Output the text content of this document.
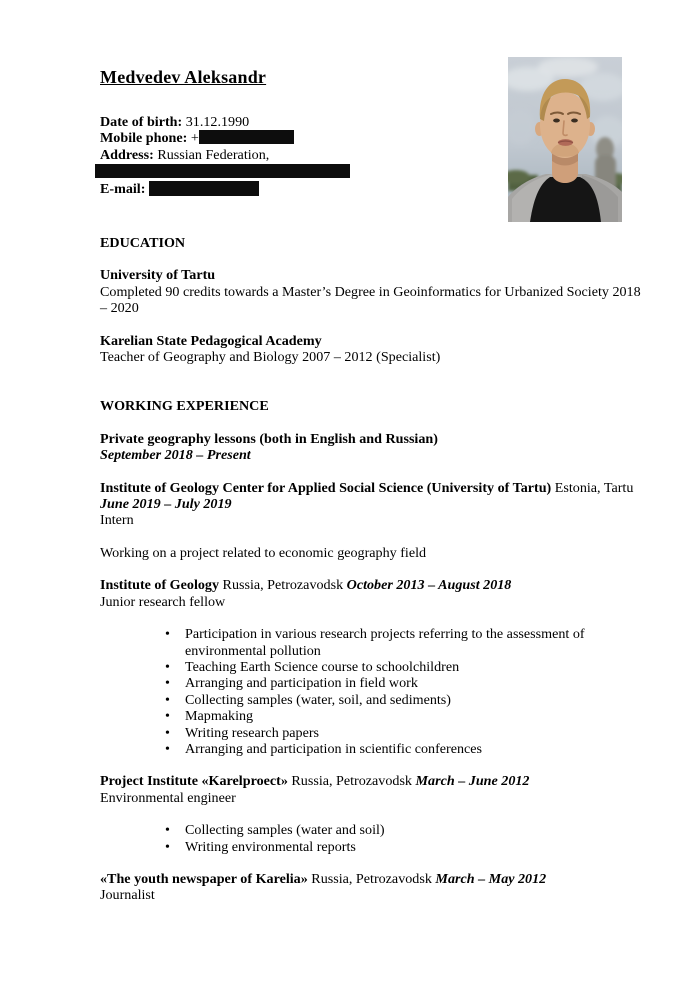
Medvedev Aleksandr
Date of birth: 31.12.1990
Mobile phone: +
Address: Russian Federation,
E-mail:
EDUCATION
University of Tartu
Completed 90 credits towards a Master’s Degree in Geoinformatics for Urbanized Society 2018 – 2020
Karelian State Pedagogical Academy
Teacher of Geography and Biology 2007 – 2012 (Specialist)
WORKING EXPERIENCE
Private geography lessons (both in English and Russian)
September 2018 – Present
Institute of Geology Center for Applied Social Science (University of Tartu) Estonia, Tartu
June 2019 – July 2019
Intern
Working on a project related to economic geography field
Institute of Geology Russia, Petrozavodsk October 2013 – August 2018
Junior research fellow
• Participation in various research projects referring to the assessment of environmental pollution
• Teaching Earth Science course to schoolchildren
• Arranging and participation in field work
• Collecting samples (water, soil, and sediments)
• Mapmaking
• Writing research papers
• Arranging and participation in scientific conferences
Project Institute «Karelproect» Russia, Petrozavodsk March – June 2012
Environmental engineer
• Collecting samples (water and soil)
• Writing environmental reports
«The youth newspaper of Karelia» Russia, Petrozavodsk March – May 2012
Journalist
